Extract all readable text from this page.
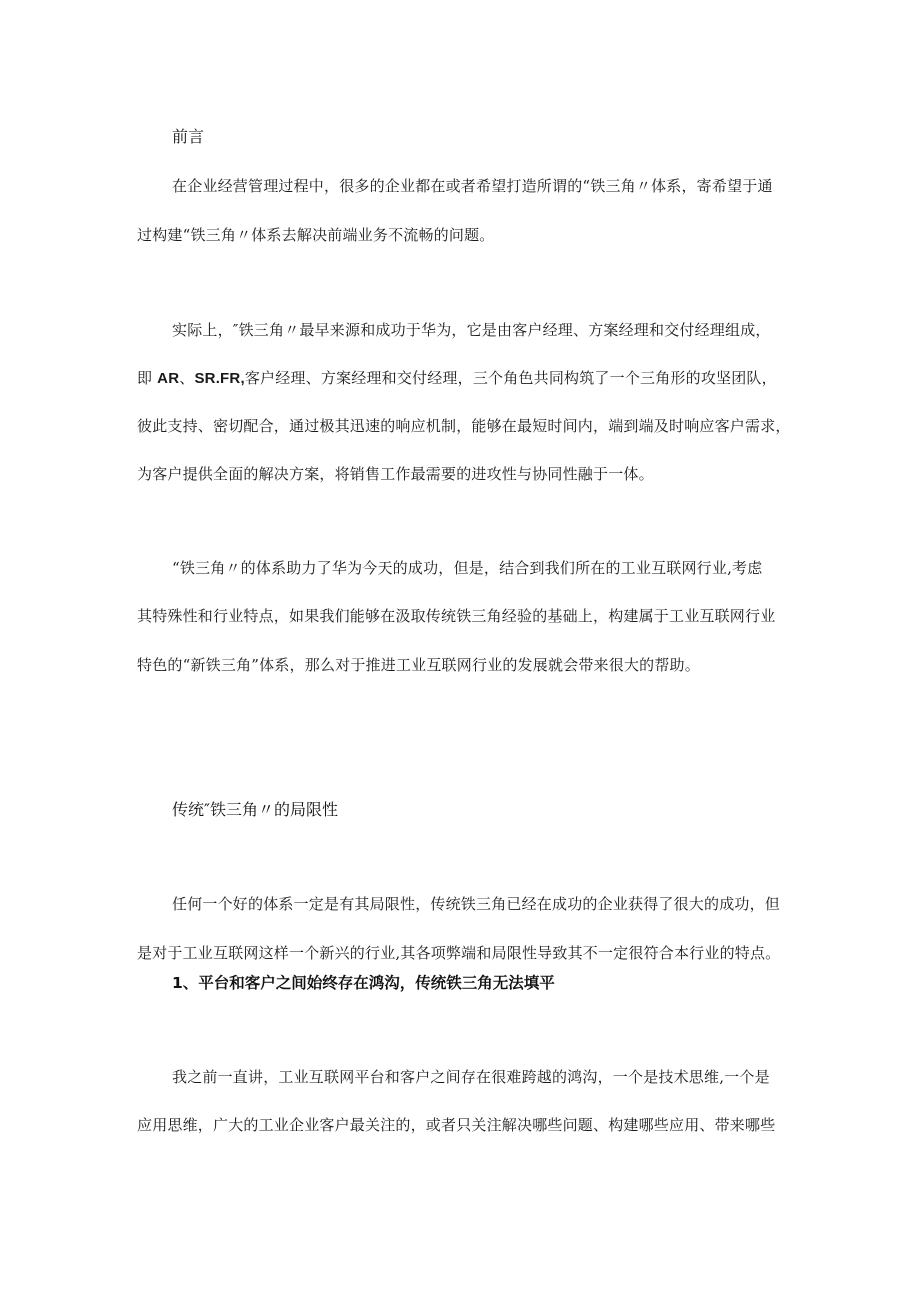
前言

在企业经营管理过程中，很多的企业都在或者希望打造所谓的“铁三角〃体系，寄希望于通

过构建“铁三角〃体系去解决前端业务不流畅的问题。

实际上，″铁三角〃最早来源和成功于华为，它是由客户经理、方案经理和交付经理组成，

即 AR、SR.FR,客户经理、方案经理和交付经理，三个角色共同构筑了一个三角形的攻坚团队，

彼此支持、密切配合，通过极其迅速的响应机制，能够在最短时间内，端到端及时响应客户需求，

为客户提供全面的解决方案，将销售工作最需要的进攻性与协同性融于一体。

“铁三角〃的体系助力了华为今天的成功，但是，结合到我们所在的工业互联网行业,考虑

其特殊性和行业特点，如果我们能够在汲取传统铁三角经验的基础上，构建属于工业互联网行业

特色的“新铁三角”体系，那么对于推进工业互联网行业的发展就会带来很大的帮助。

传统″铁三角〃的局限性

任何一个好的体系一定是有其局限性，传统铁三角已经在成功的企业获得了很大的成功，但

是对于工业互联网这样一个新兴的行业,其各项弊端和局限性导致其不一定很符合本行业的特点。

1、平台和客户之间始终存在鸿沟，传统铁三角无法填平

我之前一直讲，工业互联网平台和客户之间存在很难跨越的鸿沟，一个是技术思维,一个是

应用思维，广大的工业企业客户最关注的，或者只关注解决哪些问题、构建哪些应用、带来哪些
